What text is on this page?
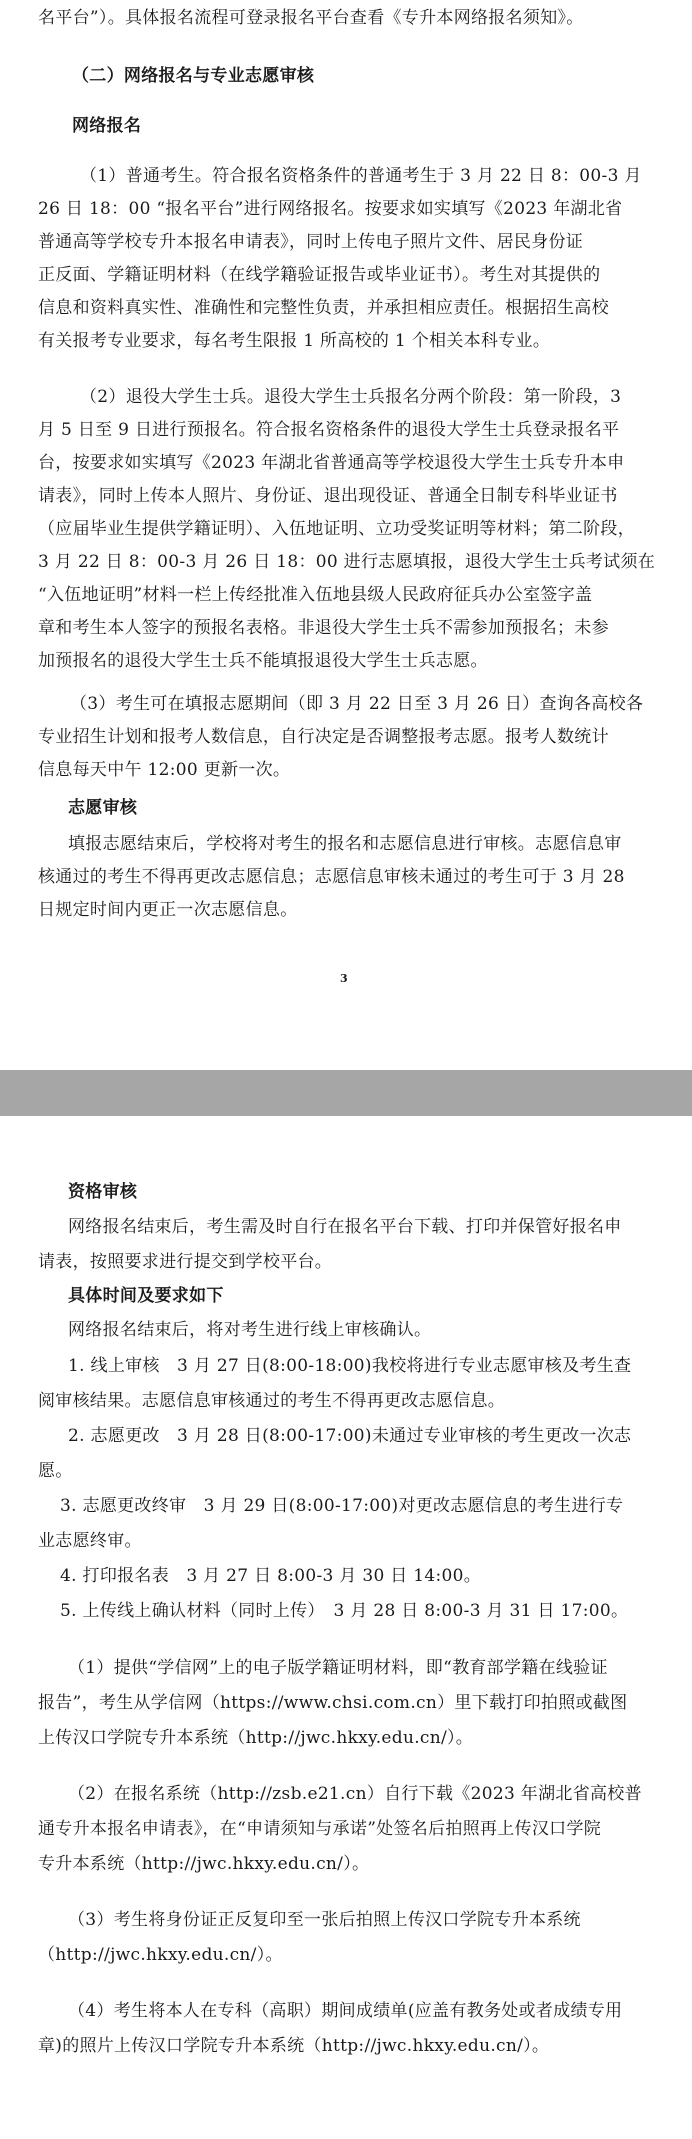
名平台”）。具体报名流程可登录报名平台查看《专升本网络报名须知》。
（二）网络报名与专业志愿审核
网络报名
（1）普通考生。符合报名资格条件的普通考生于 3 月 22 日 8：00-3 月
26 日 18：00 “报名平台”进行网络报名。按要求如实填写《2023 年湖北省
普通高等学校专升本报名申请表》，同时上传电子照片文件、居民身份证
正反面、学籍证明材料（在线学籍验证报告或毕业证书）。考生对其提供的
信息和资料真实性、准确性和完整性负责，并承担相应责任。根据招生高校
有关报考专业要求，每名考生限报 1 所高校的 1 个相关本科专业。
（2）退役大学生士兵。退役大学生士兵报名分两个阶段：第一阶段，3
月 5 日至 9 日进行预报名。符合报名资格条件的退役大学生士兵登录报名平
台，按要求如实填写《2023 年湖北省普通高等学校退役大学生士兵专升本申
请表》，同时上传本人照片、身份证、退出现役证、普通全日制专科毕业证书
（应届毕业生提供学籍证明）、入伍地证明、立功受奖证明等材料；第二阶段，
3 月 22 日 8：00-3 月 26 日 18：00 进行志愿填报，退役大学生士兵考试须在
“入伍地证明”材料一栏上传经批准入伍地县级人民政府征兵办公室签字盖
章和考生本人签字的预报名表格。非退役大学生士兵不需参加预报名；未参
加预报名的退役大学生士兵不能填报退役大学生士兵志愿。
（3）考生可在填报志愿期间（即 3 月 22 日至 3 月 26 日）查询各高校各
专业招生计划和报考人数信息，自行决定是否调整报考志愿。报考人数统计
信息每天中午 12:00 更新一次。
志愿审核
填报志愿结束后，学校将对考生的报名和志愿信息进行审核。志愿信息审
核通过的考生不得再更改志愿信息；志愿信息审核未通过的考生可于 3 月 28
日规定时间内更正一次志愿信息。
资格审核
网络报名结束后，考生需及时自行在报名平台下载、打印并保管好报名申
请表，按照要求进行提交到学校平台。
具体时间及要求如下
网络报名结束后，将对考生进行线上审核确认。
1. 线上审核　3 月 27 日(8:00-18:00)我校将进行专业志愿审核及考生查
阅审核结果。志愿信息审核通过的考生不得再更改志愿信息。
2. 志愿更改　3 月 28 日(8:00-17:00)未通过专业审核的考生更改一次志
愿。
3. 志愿更改终审　3 月 29 日(8:00-17:00)对更改志愿信息的考生进行专
业志愿终审。
4. 打印报名表　3 月 27 日 8:00-3 月 30 日 14:00。
5. 上传线上确认材料（同时上传）　3 月 28 日 8:00-3 月 31 日 17:00。
（1）提供“学信网”上的电子版学籍证明材料，即“教育部学籍在线验证
报告”，考生从学信网（https://www.chsi.com.cn）里下载打印拍照或截图
上传汉口学院专升本系统（http://jwc.hkxy.edu.cn/）。
（2）在报名系统（http://zsb.e21.cn）自行下载《2023 年湖北省高校普
通专升本报名申请表》，在“申请须知与承诺”处签名后拍照再上传汉口学院
专升本系统（http://jwc.hkxy.edu.cn/）。
（3）考生将身份证正反复印至一张后拍照上传汉口学院专升本系统
（http://jwc.hkxy.edu.cn/）。
（4）考生将本人在专科（高职）期间成绩单(应盖有教务处或者成绩专用
章)的照片上传汉口学院专升本系统（http://jwc.hkxy.edu.cn/）。
3
